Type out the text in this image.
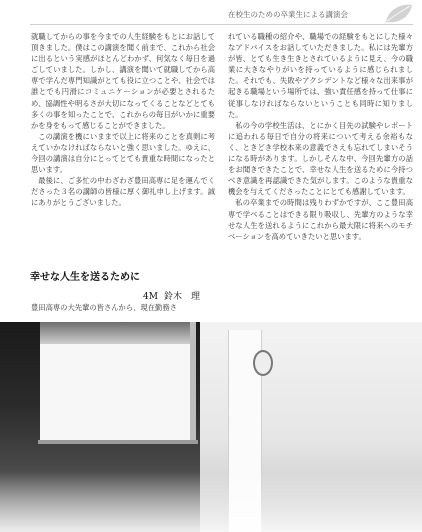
在校生のための卒業生による講演会

就職してからの事を今までの人生経験をもとにお話して頂きました。僕はこの講演を聞く前まで、これから社会に出るという実感がほとんどわかず、何気なく毎日を過ごしていました。しかし、講演を聞いて就職してから高専で学んだ専門知識がとても役に立つことや、社会では誰とでも円滑にコミュニケーションが必要とされるため、協調性や明るさが大切になってくることなどとても多くの事を知ったことで、これからの毎日がいかに重要かを身をもって感じることができました。

この講演を機にいままで以上に将来のことを真剣に考えていかなければならないと強く思いました。ゆえに、今回の講演は自分にとってとても貴重な時間になったと思います。

最後に、ご多忙の中わざわざ豊田高専に足を運んでくださった３名の講師の皆様に厚く御礼申し上げます。誠にありがとうございました。

れている職種の紹介や、職場での経験をもとにした様々なアドバイスをお話していただきました。私には先輩方が皆、とても生き生きとされているように見え、今の職業に大きなやりがいを持っているように感じられました。それでも、失敗やアクシデントなど様々な出来事が起きる職場という場所では、強い責任感を持って仕事に従事しなければならないということも同時に知りました。

私の今の学校生活は、とにかく目先の試験やレポートに追われる毎日で自分の将来について考える余裕もなく、ときどき学校本来の意義でさえも忘れてしまいそうになる時があります。しかしそんな中、今回先輩方の話をお聞きできたことで、幸せな人生を送るために今持つべき意識を再認識できた気がします。このような貴重な機会を与えてくださったことにとても感謝しています。

私の卒業までの時間は残りわずかですが、ここ豊田高専で学べることはできる限り吸収し、先輩方のような幸せな人生を送れるようにこれから最大限に将来へのモチベーションを高めていきたいと思います。

幸せな人生を送るために
4M 鈴木　理
豊田高専の大先輩の皆さんから、現在勤務さ
